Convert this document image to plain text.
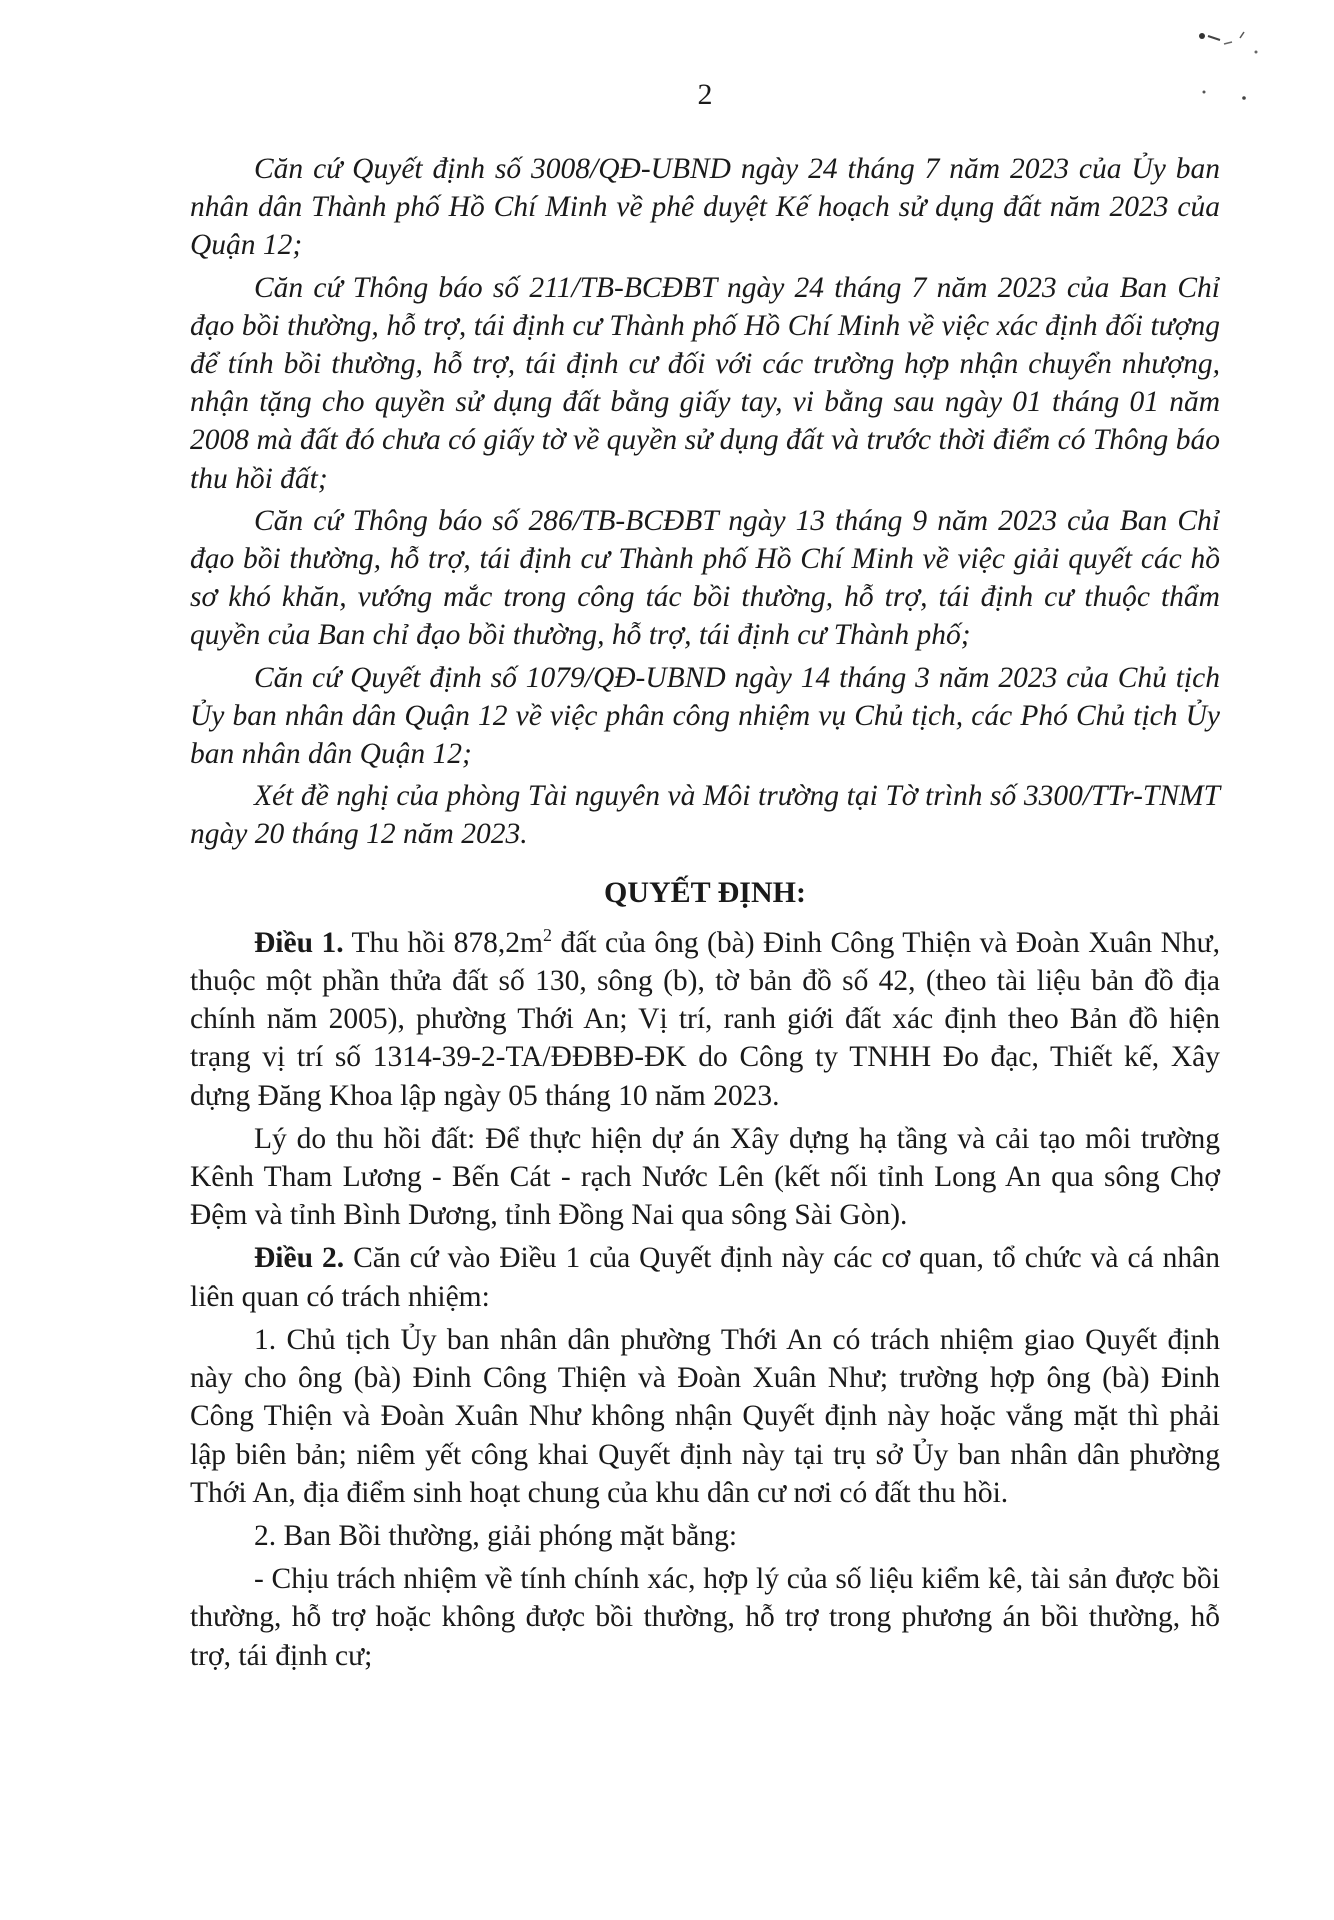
2

Căn cứ Quyết định số 3008/QĐ-UBND ngày 24 tháng 7 năm 2023 của Ủy ban nhân dân Thành phố Hồ Chí Minh về phê duyệt Kế hoạch sử dụng đất năm 2023 của Quận 12;

Căn cứ Thông báo số 211/TB-BCĐBT ngày 24 tháng 7 năm 2023 của Ban Chỉ đạo bồi thường, hỗ trợ, tái định cư Thành phố Hồ Chí Minh về việc xác định đối tượng để tính bồi thường, hỗ trợ, tái định cư đối với các trường hợp nhận chuyển nhượng, nhận tặng cho quyền sử dụng đất bằng giấy tay, vi bằng sau ngày 01 tháng 01 năm 2008 mà đất đó chưa có giấy tờ về quyền sử dụng đất và trước thời điểm có Thông báo thu hồi đất;

Căn cứ Thông báo số 286/TB-BCĐBT ngày 13 tháng 9 năm 2023 của Ban Chỉ đạo bồi thường, hỗ trợ, tái định cư Thành phố Hồ Chí Minh về việc giải quyết các hồ sơ khó khăn, vướng mắc trong công tác bồi thường, hỗ trợ, tái định cư thuộc thẩm quyền của Ban chỉ đạo bồi thường, hỗ trợ, tái định cư Thành phố;

Căn cứ Quyết định số 1079/QĐ-UBND ngày 14 tháng 3 năm 2023 của Chủ tịch Ủy ban nhân dân Quận 12 về việc phân công nhiệm vụ Chủ tịch, các Phó Chủ tịch Ủy ban nhân dân Quận 12;

Xét đề nghị của phòng Tài nguyên và Môi trường tại Tờ trình số 3300/TTr-TNMT ngày 20 tháng 12 năm 2023.

QUYẾT ĐỊNH:

Điều 1. Thu hồi $878,2m^2$ đất của ông (bà) Đinh Công Thiện và Đoàn Xuân Như, thuộc một phần thửa đất số 130, sông (b), tờ bản đồ số 42, (theo tài liệu bản đồ địa chính năm 2005), phường Thới An; Vị trí, ranh giới đất xác định theo Bản đồ hiện trạng vị trí số 1314-39-2-TA/ĐĐBĐ-ĐK do Công ty TNHH Đo đạc, Thiết kế, Xây dựng Đăng Khoa lập ngày 05 tháng 10 năm 2023.

Lý do thu hồi đất: Để thực hiện dự án Xây dựng hạ tầng và cải tạo môi trường Kênh Tham Lương - Bến Cát - rạch Nước Lên (kết nối tỉnh Long An qua sông Chợ Đệm và tỉnh Bình Dương, tỉnh Đồng Nai qua sông Sài Gòn).

Điều 2. Căn cứ vào Điều 1 của Quyết định này các cơ quan, tổ chức và cá nhân liên quan có trách nhiệm:

1. Chủ tịch Ủy ban nhân dân phường Thới An có trách nhiệm giao Quyết định này cho ông (bà) Đinh Công Thiện và Đoàn Xuân Như; trường hợp ông (bà) Đinh Công Thiện và Đoàn Xuân Như không nhận Quyết định này hoặc vắng mặt thì phải lập biên bản; niêm yết công khai Quyết định này tại trụ sở Ủy ban nhân dân phường Thới An, địa điểm sinh hoạt chung của khu dân cư nơi có đất thu hồi.

2. Ban Bồi thường, giải phóng mặt bằng:

- Chịu trách nhiệm về tính chính xác, hợp lý của số liệu kiểm kê, tài sản được bồi thường, hỗ trợ hoặc không được bồi thường, hỗ trợ trong phương án bồi thường, hỗ trợ, tái định cư;
